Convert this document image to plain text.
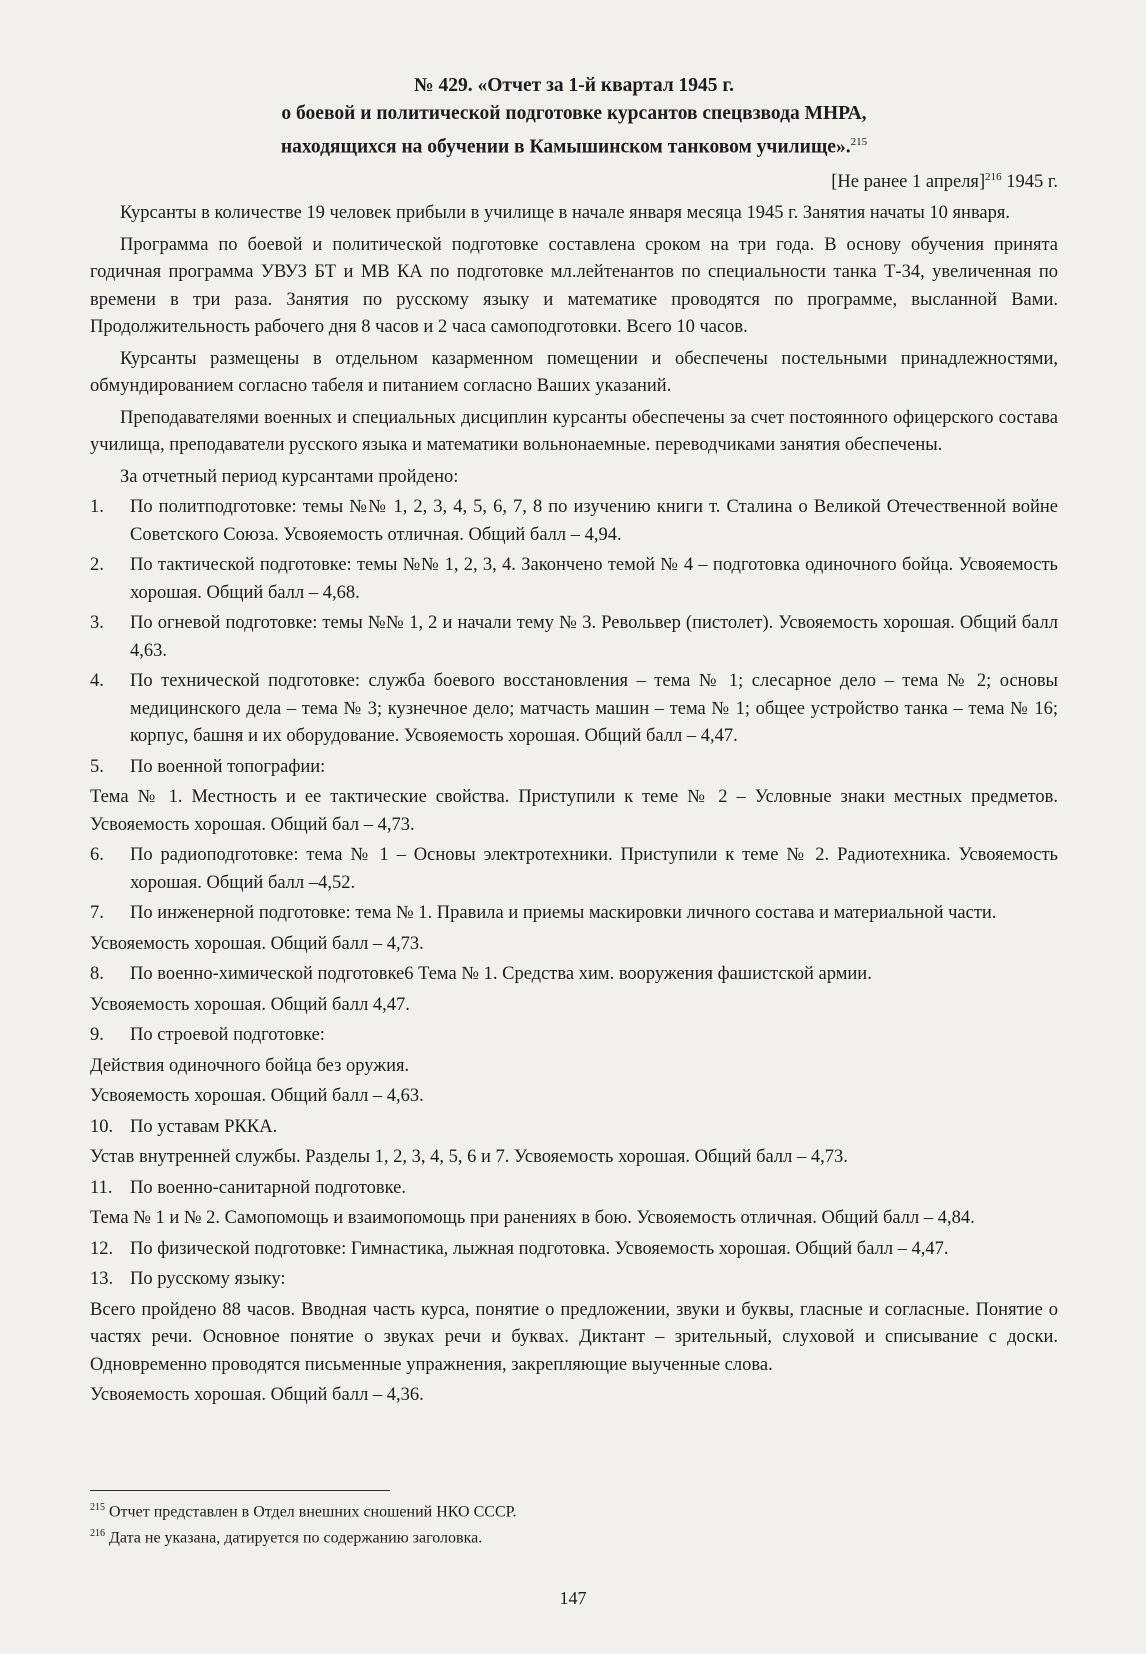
№ 429. «Отчет за 1-й квартал 1945 г.

о боевой и политической подготовке курсантов спецвзвода МНРА,

находящихся на обучении в Камышинском танковом училище».$^{215}$

[Не ранее 1 апреля]$^{216}$ 1945 г.

Курсанты в количестве 19 человек прибыли в училище в начале января месяца 1945 г. Занятия начаты 10 января.

Программа по боевой и политической подготовке составлена сроком на три года. В основу обучения принята годичная программа УВУЗ БТ и МВ КА по подготовке мл.лейтенантов по специальности танка Т-34, увеличенная по времени в три раза. Занятия по русскому языку и математике проводятся по программе, высланной Вами. Продолжительность рабочего дня 8 часов и 2 часа самоподготовки. Всего 10 часов.

Курсанты размещены в отдельном казарменном помещении и обеспечены постельными принадлежностями, обмундированием согласно табеля и питанием согласно Ваших указаний.

Преподавателями военных и специальных дисциплин курсанты обеспечены за счет постоянного офицерского состава училища, преподаватели русского языка и математики вольнонаемные. переводчиками занятия обеспечены.

За отчетный период курсантами пройдено:

1.	По политподготовке: темы №№ 1, 2, 3, 4, 5, 6, 7, 8 по изучению книги т. Сталина о Великой Отечественной войне Советского Союза. Усвояемость отличная. Общий балл – 4,94.
2.	По тактической подготовке: темы №№ 1, 2, 3, 4. Закончено темой № 4 – подготовка одиночного бойца. Усвояемость хорошая. Общий балл – 4,68.
3.	По огневой подготовке: темы №№ 1, 2 и начали тему № 3. Револьвер (пистолет). Усвояемость хорошая. Общий балл 4,63.
4.	По технической подготовке: служба боевого восстановления – тема № 1; слесарное дело – тема № 2; основы медицинского дела – тема № 3; кузнечное дело; матчасть машин – тема № 1; общее устройство танка – тема № 16; корпус, башня и их оборудование. Усвояемость хорошая. Общий балл – 4,47.
5.	По военной топографии:

Тема № 1. Местность и ее тактические свойства. Приступили к теме № 2 – Условные знаки местных предметов. Усвояемость хорошая. Общий бал – 4,73.

6.	По радиоподготовке: тема № 1 – Основы электротехники. Приступили к теме № 2. Радиотехника. Усвояемость хорошая. Общий балл –4,52.
7.	По инженерной подготовке: тема № 1. Правила и приемы маскировки личного состава и материальной части.

Усвояемость хорошая. Общий балл – 4,73.

8.	По военно-химической подготовке6 Тема № 1. Средства хим. вооружения фашистской армии.

Усвояемость хорошая. Общий балл 4,47.

9.	По строевой подготовке:

Действия одиночного бойца без оружия.

Усвояемость хорошая. Общий балл – 4,63.

10. По уставам РККА.

Устав внутренней службы. Разделы 1, 2, 3, 4, 5, 6 и 7. Усвояемость хорошая. Общий балл – 4,73.

11. По военно-санитарной подготовке.

Тема № 1 и № 2. Самопомощь и взаимопомощь при ранениях в бою. Усвояемость отличная. Общий балл – 4,84.

12. По физической подготовке: Гимнастика, лыжная подготовка. Усвояемость хорошая. Общий балл – 4,47.
13. По русскому языку:

Всего пройдено 88 часов. Вводная часть курса, понятие о предложении, звуки и буквы, гласные и согласные. Понятие о частях речи. Основное понятие о звуках речи и буквах. Диктант – зрительный, слуховой и списывание с доски. Одновременно проводятся письменные упражнения, закрепляющие выученные слова.

Усвояемость хорошая. Общий балл – 4,36.

$^{215}$ Отчет представлен в Отдел внешних сношений НКО СССР.

$^{216}$ Дата не указана, датируется по содержанию заголовка.

147
